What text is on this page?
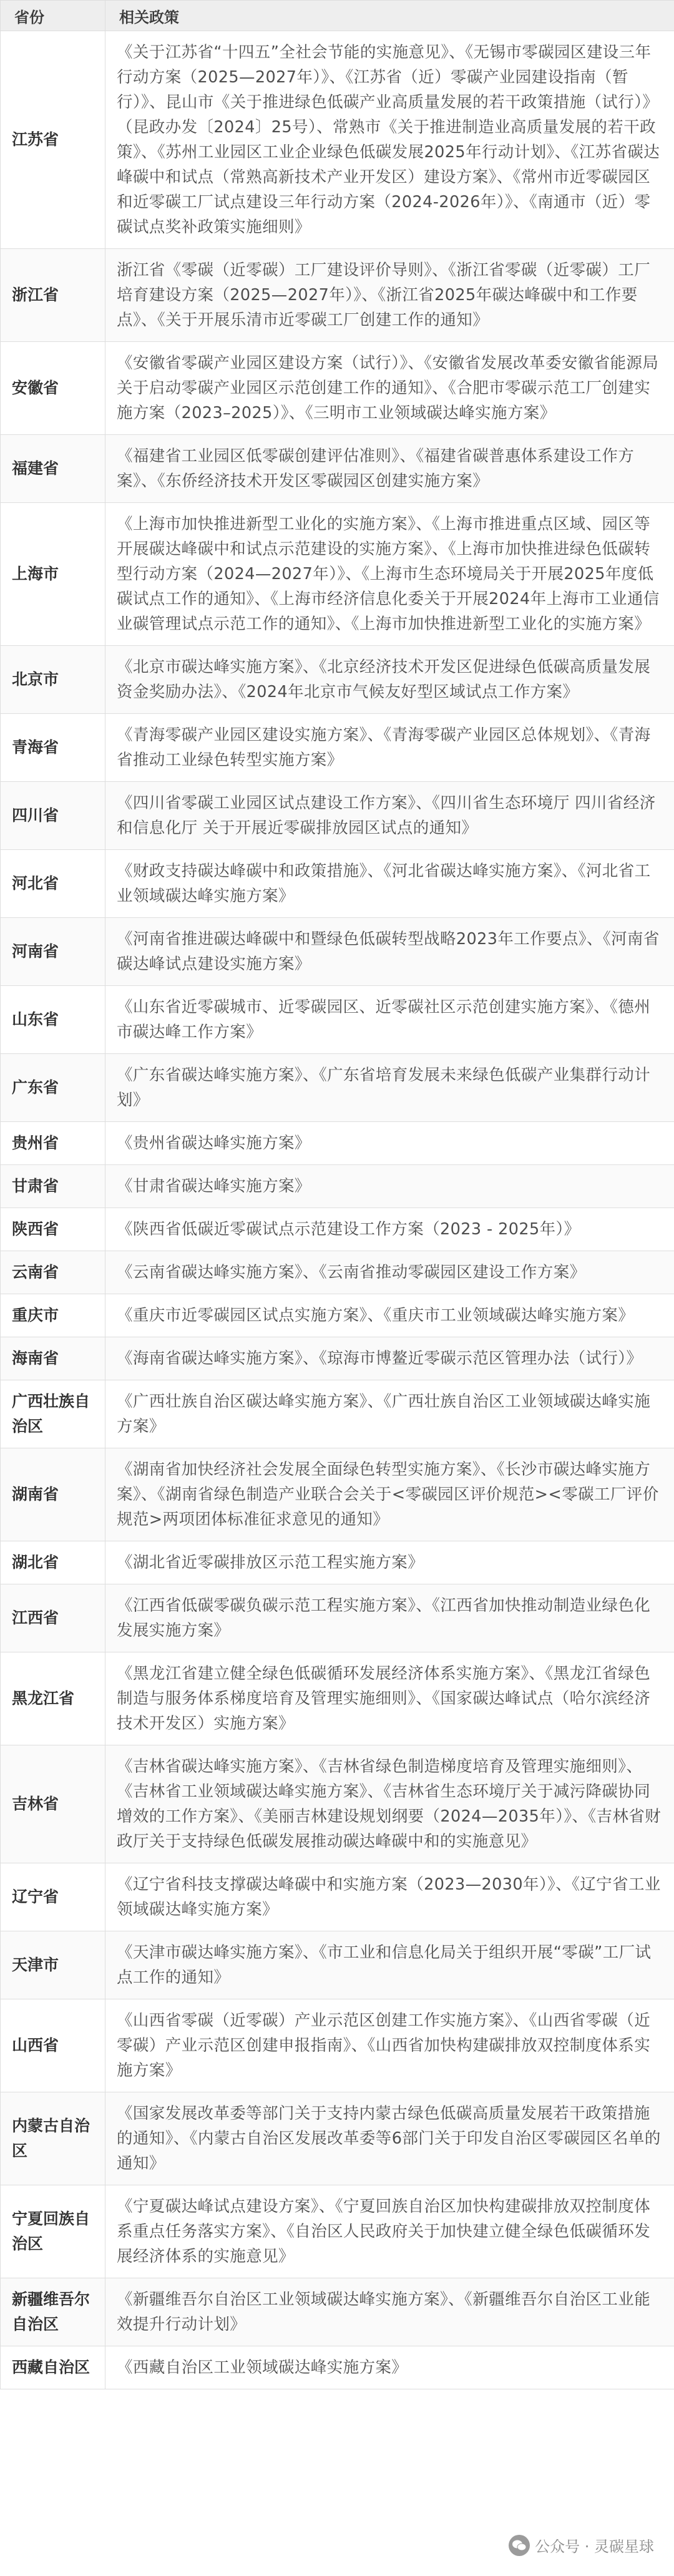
省份	相关政策
江苏省	《关于江苏省“十四五”全社会节能的实施意见》、《无锡市零碳园区建设三年行动方案（2025—2027年）》、《江苏省（近）零碳产业园建设指南（暂行）》、昆山市《关于推进绿色低碳产业高质量发展的若干政策措施（试行）》（昆政办发〔2024〕25号）、常熟市《关于推进制造业高质量发展的若干政策》、《苏州工业园区工业企业绿色低碳发展2025年行动计划》、《江苏省碳达峰碳中和试点（常熟高新技术产业开发区）建设方案》、《常州市近零碳园区和近零碳工厂试点建设三年行动方案（2024-2026年）》、《南通市（近）零碳试点奖补政策实施细则》
浙江省	浙江省《零碳（近零碳）工厂建设评价导则》、《浙江省零碳（近零碳）工厂培育建设方案（2025—2027年）》、《浙江省2025年碳达峰碳中和工作要点》、《关于开展乐清市近零碳工厂创建工作的通知》
安徽省	《安徽省零碳产业园区建设方案（试行）》、《安徽省发展改革委安徽省能源局关于启动零碳产业园区示范创建工作的通知》、《合肥市零碳示范工厂创建实施方案（2023–2025）》、《三明市工业领域碳达峰实施方案》
福建省	《福建省工业园区低零碳创建评估准则》、《福建省碳普惠体系建设工作方案》、《东侨经济技术开发区零碳园区创建实施方案》
上海市	《上海市加快推进新型工业化的实施方案》、《上海市推进重点区域、园区等开展碳达峰碳中和试点示范建设的实施方案》、《上海市加快推进绿色低碳转型行动方案（2024—2027年）》、《上海市生态环境局关于开展2025年度低碳试点工作的通知》、《上海市经济信息化委关于开展2024年上海市工业通信业碳管理试点示范工作的通知》、《上海市加快推进新型工业化的实施方案》
北京市	《北京市碳达峰实施方案》、《北京经济技术开发区促进绿色低碳高质量发展资金奖励办法》、《2024年北京市气候友好型区域试点工作方案》
青海省	《青海零碳产业园区建设实施方案》、《青海零碳产业园区总体规划》、《青海省推动工业绿色转型实施方案》
四川省	《四川省零碳工业园区试点建设工作方案》、《四川省生态环境厅 四川省经济和信息化厅 关于开展近零碳排放园区试点的通知》
河北省	《财政支持碳达峰碳中和政策措施》、《河北省碳达峰实施方案》、《河北省工业领域碳达峰实施方案》
河南省	《河南省推进碳达峰碳中和暨绿色低碳转型战略2023年工作要点》、《河南省碳达峰试点建设实施方案》
山东省	《山东省近零碳城市、近零碳园区、近零碳社区示范创建实施方案》、《德州市碳达峰工作方案》
广东省	《广东省碳达峰实施方案》、《广东省培育发展未来绿色低碳产业集群行动计划》
贵州省	《贵州省碳达峰实施方案》
甘肃省	《甘肃省碳达峰实施方案》
陕西省	《陕西省低碳近零碳试点示范建设工作方案（2023 - 2025年）》
云南省	《云南省碳达峰实施方案》、《云南省推动零碳园区建设工作方案》
重庆市	《重庆市近零碳园区试点实施方案》、《重庆市工业领域碳达峰实施方案》
海南省	《海南省碳达峰实施方案》、《琼海市博鳌近零碳示范区管理办法（试行）》
广西壮族自治区	《广西壮族自治区碳达峰实施方案》、《广西壮族自治区工业领域碳达峰实施方案》
湖南省	《湖南省加快经济社会发展全面绿色转型实施方案》、《长沙市碳达峰实施方案》、《湖南省绿色制造产业联合会关于<零碳园区评价规范><零碳工厂评价规范>两项团体标准征求意见的通知》
湖北省	《湖北省近零碳排放区示范工程实施方案》
江西省	《江西省低碳零碳负碳示范工程实施方案》、《江西省加快推动制造业绿色化发展实施方案》
黑龙江省	《黑龙江省建立健全绿色低碳循环发展经济体系实施方案》、《黑龙江省绿色制造与服务体系梯度培育及管理实施细则》、《国家碳达峰试点（哈尔滨经济技术开发区）实施方案》
吉林省	《吉林省碳达峰实施方案》、《吉林省绿色制造梯度培育及管理实施细则》、《吉林省工业领域碳达峰实施方案》、《吉林省生态环境厅关于减污降碳协同增效的工作方案》、《美丽吉林建设规划纲要（2024—2035年）》、《吉林省财政厅关于支持绿色低碳发展推动碳达峰碳中和的实施意见》
辽宁省	《辽宁省科技支撑碳达峰碳中和实施方案（2023—2030年）》、《辽宁省工业领域碳达峰实施方案》
天津市	《天津市碳达峰实施方案》、《市工业和信息化局关于组织开展“零碳”工厂试点工作的通知》
山西省	《山西省零碳（近零碳）产业示范区创建工作实施方案》、《山西省零碳（近零碳）产业示范区创建申报指南》、《山西省加快构建碳排放双控制度体系实施方案》
内蒙古自治区	《国家发展改革委等部门关于支持内蒙古绿色低碳高质量发展若干政策措施的通知》、《内蒙古自治区发展改革委等6部门关于印发自治区零碳园区名单的通知》
宁夏回族自治区	《宁夏碳达峰试点建设方案》、《宁夏回族自治区加快构建碳排放双控制度体系重点任务落实方案》、《自治区人民政府关于加快建立健全绿色低碳循环发展经济体系的实施意见》
新疆维吾尔自治区	《新疆维吾尔自治区工业领域碳达峰实施方案》、《新疆维吾尔自治区工业能效提升行动计划》
西藏自治区	《西藏自治区工业领域碳达峰实施方案》
公众号 · 灵碳星球
